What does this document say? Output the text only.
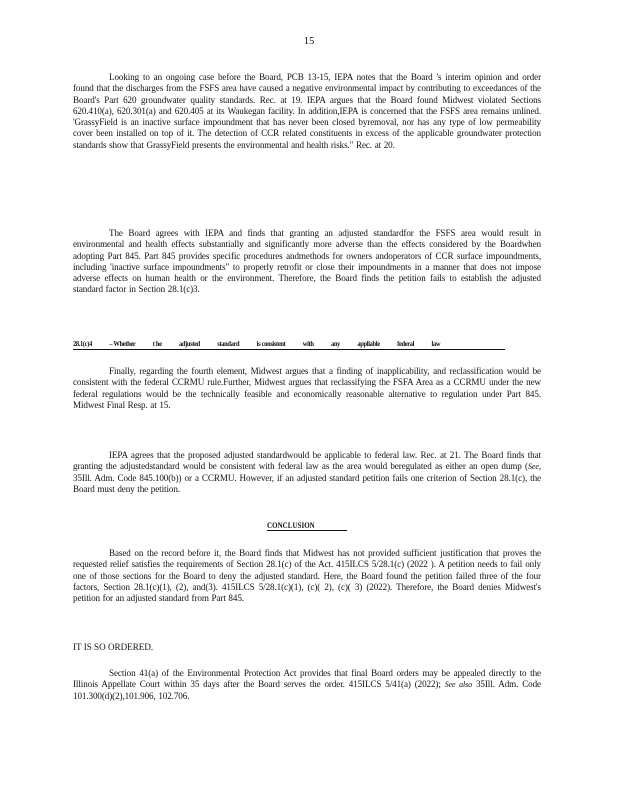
15
Looking to an ongoing case before the Board, PCB 13-15, IEPA notes that the Board 's interim opinion and order found that the discharges from the FSFS area have caused a negative environmental impact by contributing to exceedances of the Board's Part 620 groundwater quality standards. Rec. at 19. IEPA argues that the Board found Midwest violated Sections 620.410(a), 620.301(a) and 620.405 at its Waukegan facility. In addition,IEPA is concerned that the FSFS area remains unlined. 'GrassyField is an inactive surface impoundment that has never been closed byremoval, nor has any type of low permeability cover been installed on top of it. The detection of CCR related constituents in excess of the applicable groundwater protection standards show that GrassyField presents the environmental and health risks." Rec. at 20.
The Board agrees with IEPA and finds that granting an adjusted standardfor the FSFS area would result in environmental and health effects substantially and significantly more adverse than the effects considered by the Boardwhen adopting Part 845. Part 845 provides specific procedures andmethods for owners andoperators of CCR surface impoundments, including 'inactive surface impoundments" to properly retrofit or close their impoundments in a manner that does not impose adverse effects on human health or the environment. Therefore, the Board finds the petition fails to establish the adjusted standard factor in Section 28.1(c)3.
28.1(c)4 – Whether t he adjusted standard is consistent with any appliable federal law
Finally, regarding the fourth element, Midwest argues that a finding of inapplicability, and reclassification would be consistent with the federal CCRMU rule.Further, Midwest argues that reclassifying the FSFA Area as a CCRMU under the new federal regulations would be the technically feasible and economically reasonable alternative to regulation under Part 845. Midwest Final Resp. at 15.
IEPA agrees that the proposed adjusted standardwould be applicable to federal law. Rec. at 21. The Board finds that granting the adjustedstandard would be consistent with federal law as the area would beregulated as either an open dump (See, 35Ill. Adm. Code 845.100(b)) or a CCRMU. However, if an adjusted standard petition fails one criterion of Section 28.1(c), the Board must deny the petition.
CONCLUSION
Based on the record before it, the Board finds that Midwest has not provided sufficient justification that proves the requested relief satisfies the requirements of Section 28.1(c) of the Act. 415ILCS 5/28.1(c) (2022 ). A petition needs to fail only one of those sections for the Board to deny the adjusted standard. Here, the Board found the petition failed three of the four factors, Section 28.1(c)(1), (2), and(3). 415ILCS 5/28.1(c)(1), (c)( 2), (c)( 3) (2022). Therefore, the Board denies Midwest's petition for an adjusted standard from Part 845.
IT IS SO ORDERED.
Section 41(a) of the Environmental Protection Act provides that final Board orders may be appealed directly to the Illinois Appellate Court within 35 days after the Board serves the order. 415ILCS 5/41(a) (2022); See also 35Ill. Adm. Code 101.300(d)(2),101.906, 102.706.
